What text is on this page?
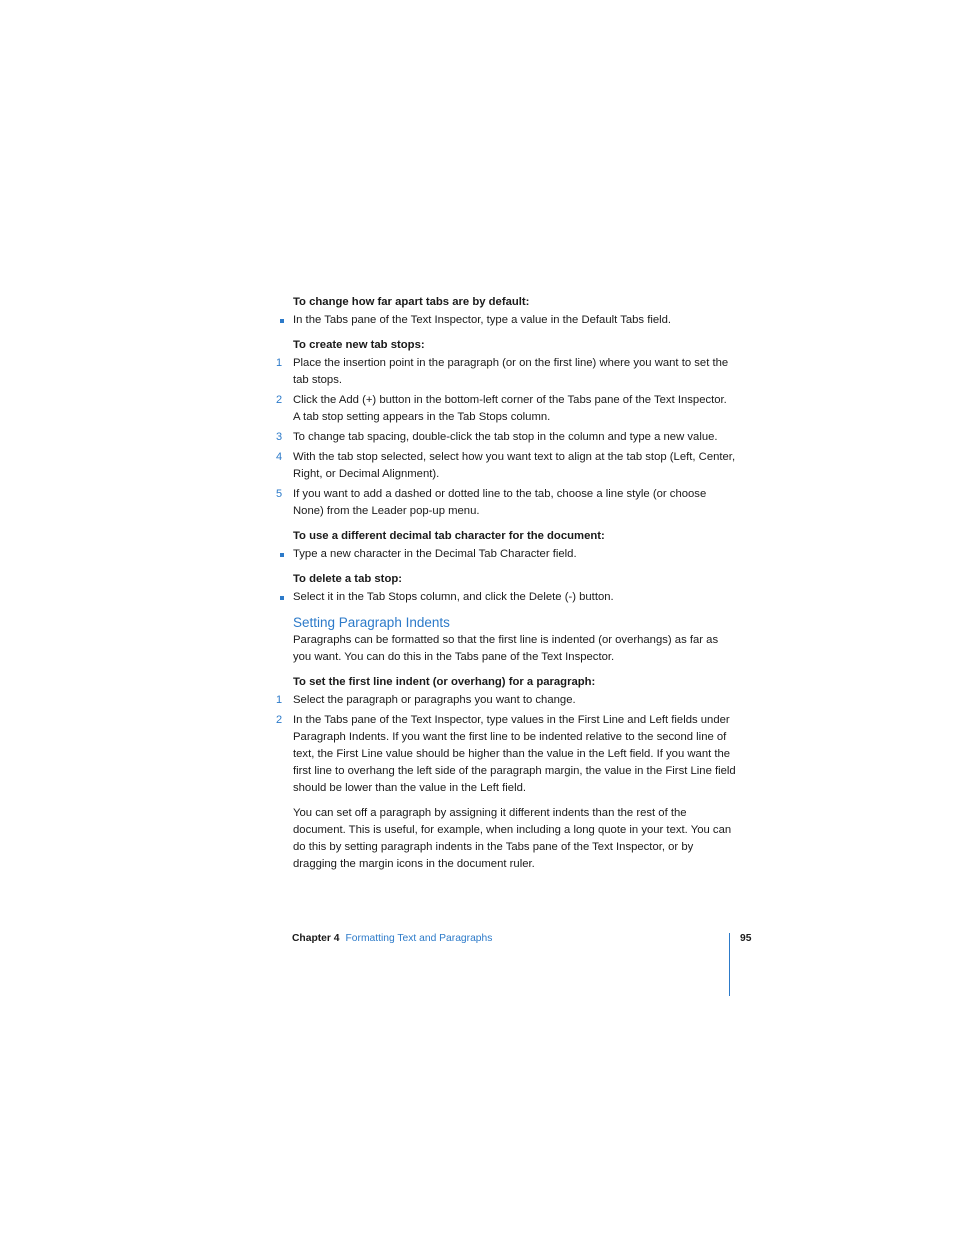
To change how far apart tabs are by default:
In the Tabs pane of the Text Inspector, type a value in the Default Tabs field.
To create new tab stops:
1 Place the insertion point in the paragraph (or on the first line) where you want to set the tab stops.
2 Click the Add (+) button in the bottom-left corner of the Tabs pane of the Text Inspector. A tab stop setting appears in the Tab Stops column.
3 To change tab spacing, double-click the tab stop in the column and type a new value.
4 With the tab stop selected, select how you want text to align at the tab stop (Left, Center, Right, or Decimal Alignment).
5 If you want to add a dashed or dotted line to the tab, choose a line style (or choose None) from the Leader pop-up menu.
To use a different decimal tab character for the document:
Type a new character in the Decimal Tab Character field.
To delete a tab stop:
Select it in the Tab Stops column, and click the Delete (-) button.
Setting Paragraph Indents
Paragraphs can be formatted so that the first line is indented (or overhangs) as far as you want. You can do this in the Tabs pane of the Text Inspector.
To set the first line indent (or overhang) for a paragraph:
1 Select the paragraph or paragraphs you want to change.
2 In the Tabs pane of the Text Inspector, type values in the First Line and Left fields under Paragraph Indents. If you want the first line to be indented relative to the second line of text, the First Line value should be higher than the value in the Left field. If you want the first line to overhang the left side of the paragraph margin, the value in the First Line field should be lower than the value in the Left field.
You can set off a paragraph by assigning it different indents than the rest of the document. This is useful, for example, when including a long quote in your text. You can do this by setting paragraph indents in the Tabs pane of the Text Inspector, or by dragging the margin icons in the document ruler.
Chapter 4 Formatting Text and Paragraphs	95
